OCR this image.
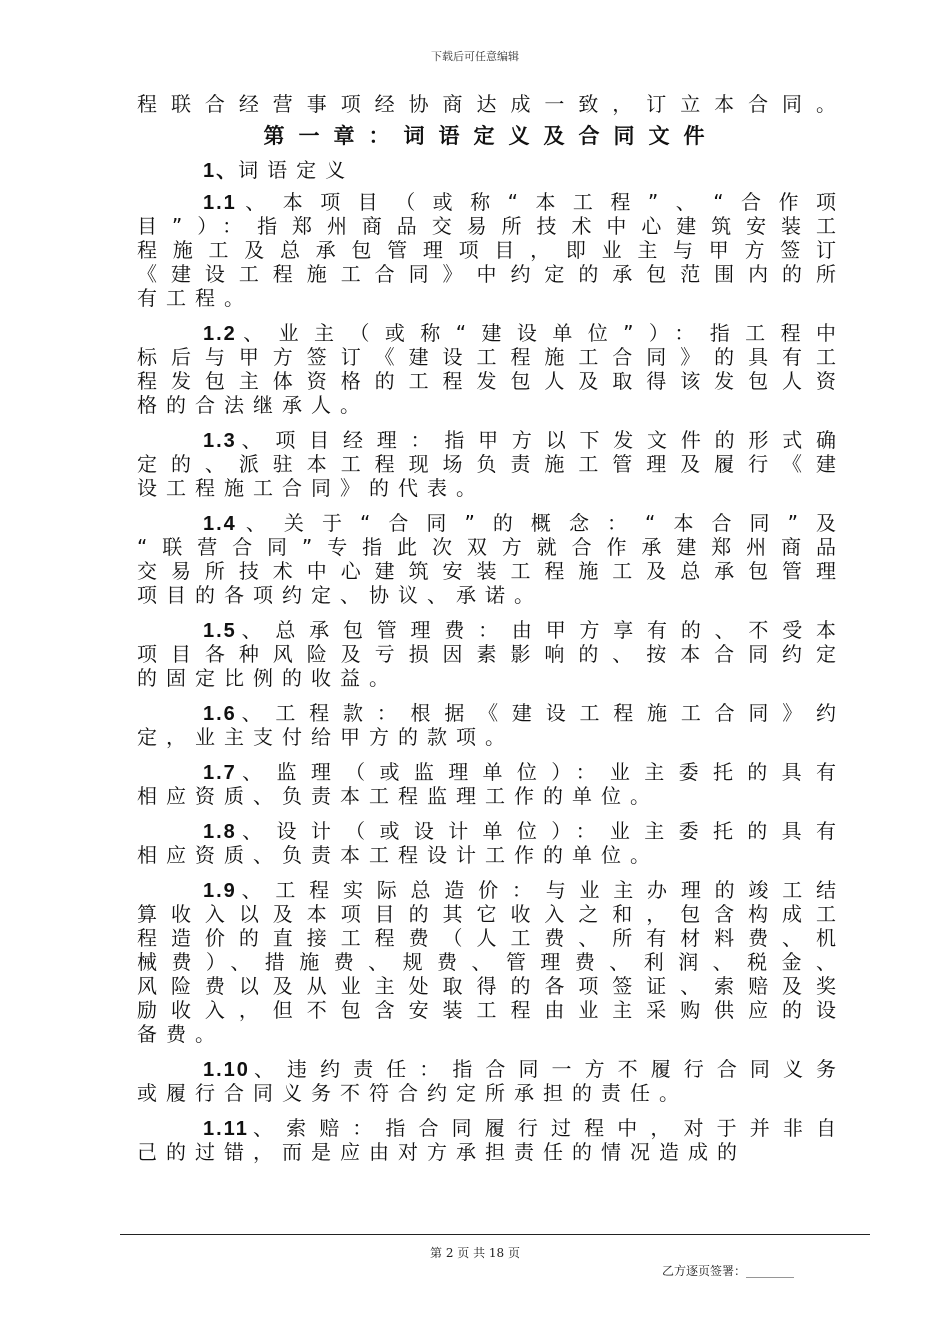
下载后可任意编辑
程联合经营事项经协商达成一致，订立本合同。
第一章：词语定义及合同文件
1、词语定义
1.1、本项目（或称“本工程”、“合作项
目”）：指郑州商品交易所技术中心建筑安装工
程施工及总承包管理项目，即业主与甲方签订
《建设工程施工合同》中约定的承包范围内的所
有工程。
1.2、业主（或称“建设单位”）：指工程中
标后与甲方签订《建设工程施工合同》的具有工
程发包主体资格的工程发包人及取得该发包人资
格的合法继承人。
1.3、项目经理：指甲方以下发文件的形式确
定的、派驻本工程现场负责施工管理及履行《建
设工程施工合同》的代表。
1.4、关于“合同”的概念：“本合同”及
“联营合同”专指此次双方就合作承建郑州商品
交易所技术中心建筑安装工程施工及总承包管理
项目的各项约定、协议、承诺。
1.5、总承包管理费：由甲方享有的、不受本
项目各种风险及亏损因素影响的、按本合同约定
的固定比例的收益。
1.6、工程款：根据《建设工程施工合同》约
定，业主支付给甲方的款项。
1.7、监理（或监理单位）：业主委托的具有
相应资质、负责本工程监理工作的单位。
1.8、设计（或设计单位）：业主委托的具有
相应资质、负责本工程设计工作的单位。
1.9、工程实际总造价：与业主办理的竣工结
算收入以及本项目的其它收入之和，包含构成工
程造价的直接工程费（人工费、所有材料费、机
械费）、措施费、规费、管理费、利润、税金、
风险费以及从业主处取得的各项签证、索赔及奖
励收入，但不包含安装工程由业主采购供应的设
备费。
1.10、违约责任：指合同一方不履行合同义务
或履行合同义务不符合约定所承担的责任。
1.11、索赔：指合同履行过程中，对于并非自
己的过错，而是应由对方承担责任的情况造成的
第 2 页 共 18 页
乙方逐页签署：________
